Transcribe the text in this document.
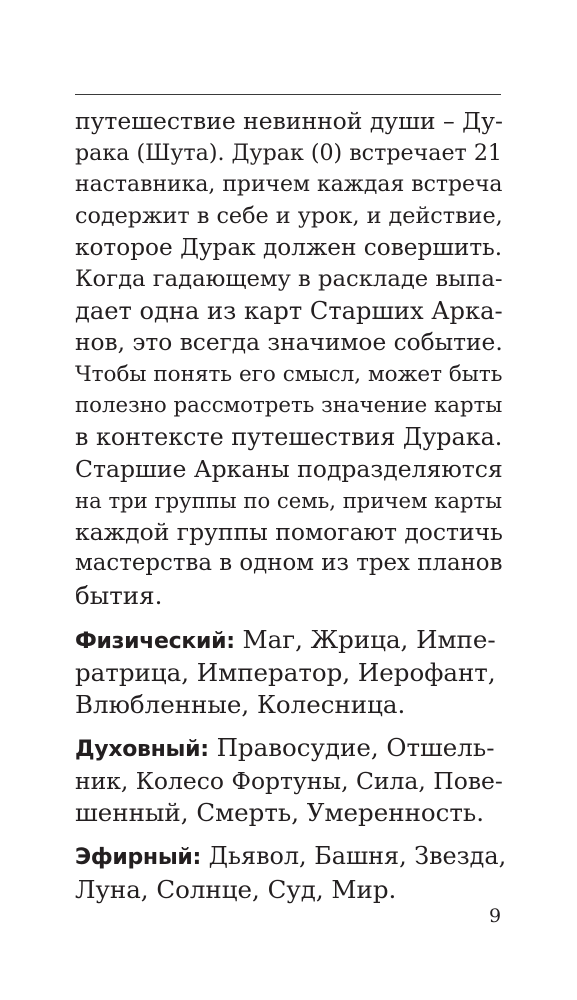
путешествие невинной души – Ду-
рака (Шута). Дурак (0) встречает 21
наставника, причем каждая встреча
содержит в себе и урок, и действие,
которое Дурак должен совершить.
Когда гадающему в раскладе выпа-
дает одна из карт Старших Арка-
нов, это всегда значимое событие.
Чтобы понять его смысл, может быть
полезно рассмотреть значение карты
в контексте путешествия Дурака.
Старшие Арканы подразделяются
на три группы по семь, причем карты
каждой группы помогают достичь
мастерства в одном из трех планов
бытия.

Физический: Маг, Жрица, Импе-
ратрица, Император, Иерофант,
Влюбленные, Колесница.

Духовный: Правосудие, Отшель-
ник, Колесо Фортуны, Сила, Пове-
шенный, Смерть, Умеренность.

Эфирный: Дьявол, Башня, Звезда,
Луна, Солнце, Суд, Мир.

9
